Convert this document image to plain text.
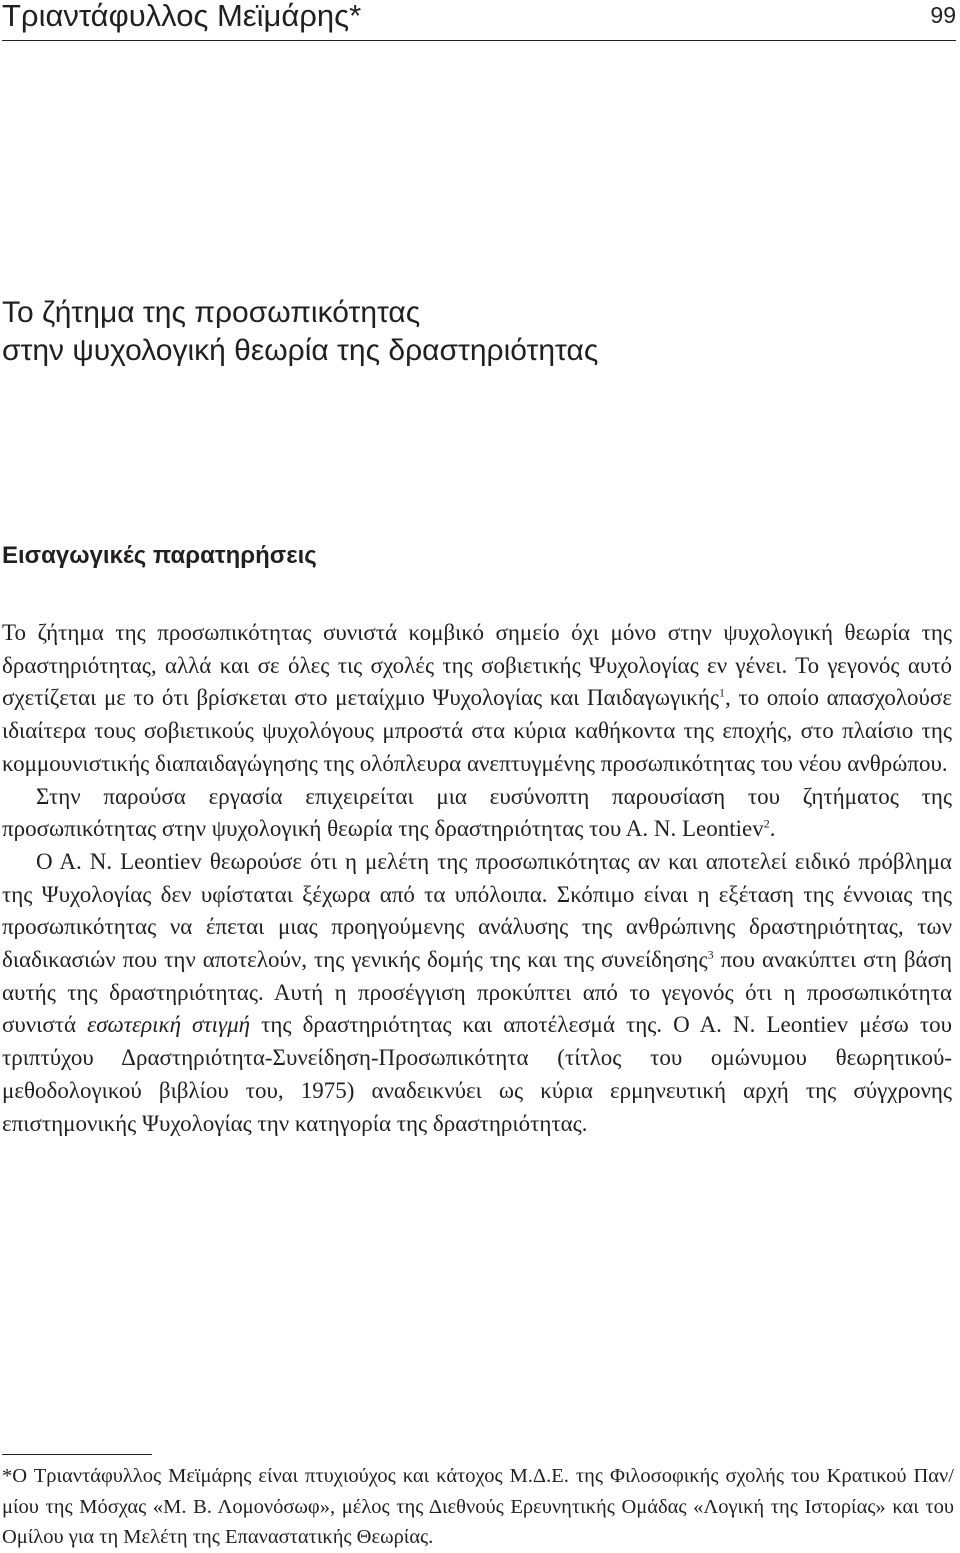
Τριαντάφυλλος Μεϊμάρης*	99
Το ζήτημα της προσωπικότητας
στην ψυχολογική θεωρία της δραστηριότητας
Εισαγωγικές παρατηρήσεις

Το ζήτημα της προσωπικότητας συνιστά κομβικό σημείο όχι μόνο στην ψυχολογική θεωρία της δραστηριότητας, αλλά και σε όλες τις σχολές της σοβιετικής Ψυχολογίας εν γένει. Το γεγονός αυτό σχετίζεται με το ότι βρίσκεται στο μεταίχμιο Ψυχολογίας και Παιδαγωγικής$^1$, το οποίο απασχολούσε ιδιαίτερα τους σοβιετικούς ψυχολόγους μπροστά στα κύρια καθήκοντα της εποχής, στο πλαίσιο της κομμουνιστικής διαπαιδαγώγησης της ολόπλευρα ανεπτυγμένης προσωπικότητας του νέου ανθρώπου.

Στην παρούσα εργασία επιχειρείται μια ευσύνοπτη παρουσίαση του ζητήματος της προσωπικότητας στην ψυχολογική θεωρία της δραστηριότητας του Α. Ν. Leontiev$^2$.

Ο Α. Ν. Leontiev θεωρούσε ότι η μελέτη της προσωπικότητας αν και αποτελεί ειδικό πρόβλημα της Ψυχολογίας δεν υφίσταται ξέχωρα από τα υπόλοιπα. Σκόπιμο είναι η εξέταση της έννοιας της προσωπικότητας να έπεται μιας προηγούμενης ανάλυσης της ανθρώπινης δραστηριότητας, των διαδικασιών που την αποτελούν, της γενικής δομής της και της συνείδησης$^3$ που ανακύπτει στη βάση αυτής της δραστηριότητας. Αυτή η προσέγγιση προκύπτει από το γεγονός ότι η προσωπικότητα συνιστά εσωτερική στιγμή της δραστηριότητας και αποτέλεσμά της. Ο Α. Ν. Leontiev μέσω του τριπτύχου Δραστηριότητα-Συνείδηση-Προσωπικότητα (τίτλος του ομώνυμου θεωρητικού-μεθοδολογικού βιβλίου του, 1975) αναδεικνύει ως κύρια ερμηνευτική αρχή της σύγχρονης επιστημονικής Ψυχολογίας την κατηγορία της δραστηριότητας.

*Ο Τριαντάφυλλος Μεϊμάρης είναι πτυχιούχος και κάτοχος Μ.Δ.Ε. της Φιλοσοφικής σχολής του Κρατικού Παν/μίου της Μόσχας «Μ. Β. Λομονόσωφ», μέλος της Διεθνούς Ερευνητικής Ομάδας «Λογική της Ιστορίας» και του Ομίλου για τη Μελέτη της Επαναστατικής Θεωρίας.
